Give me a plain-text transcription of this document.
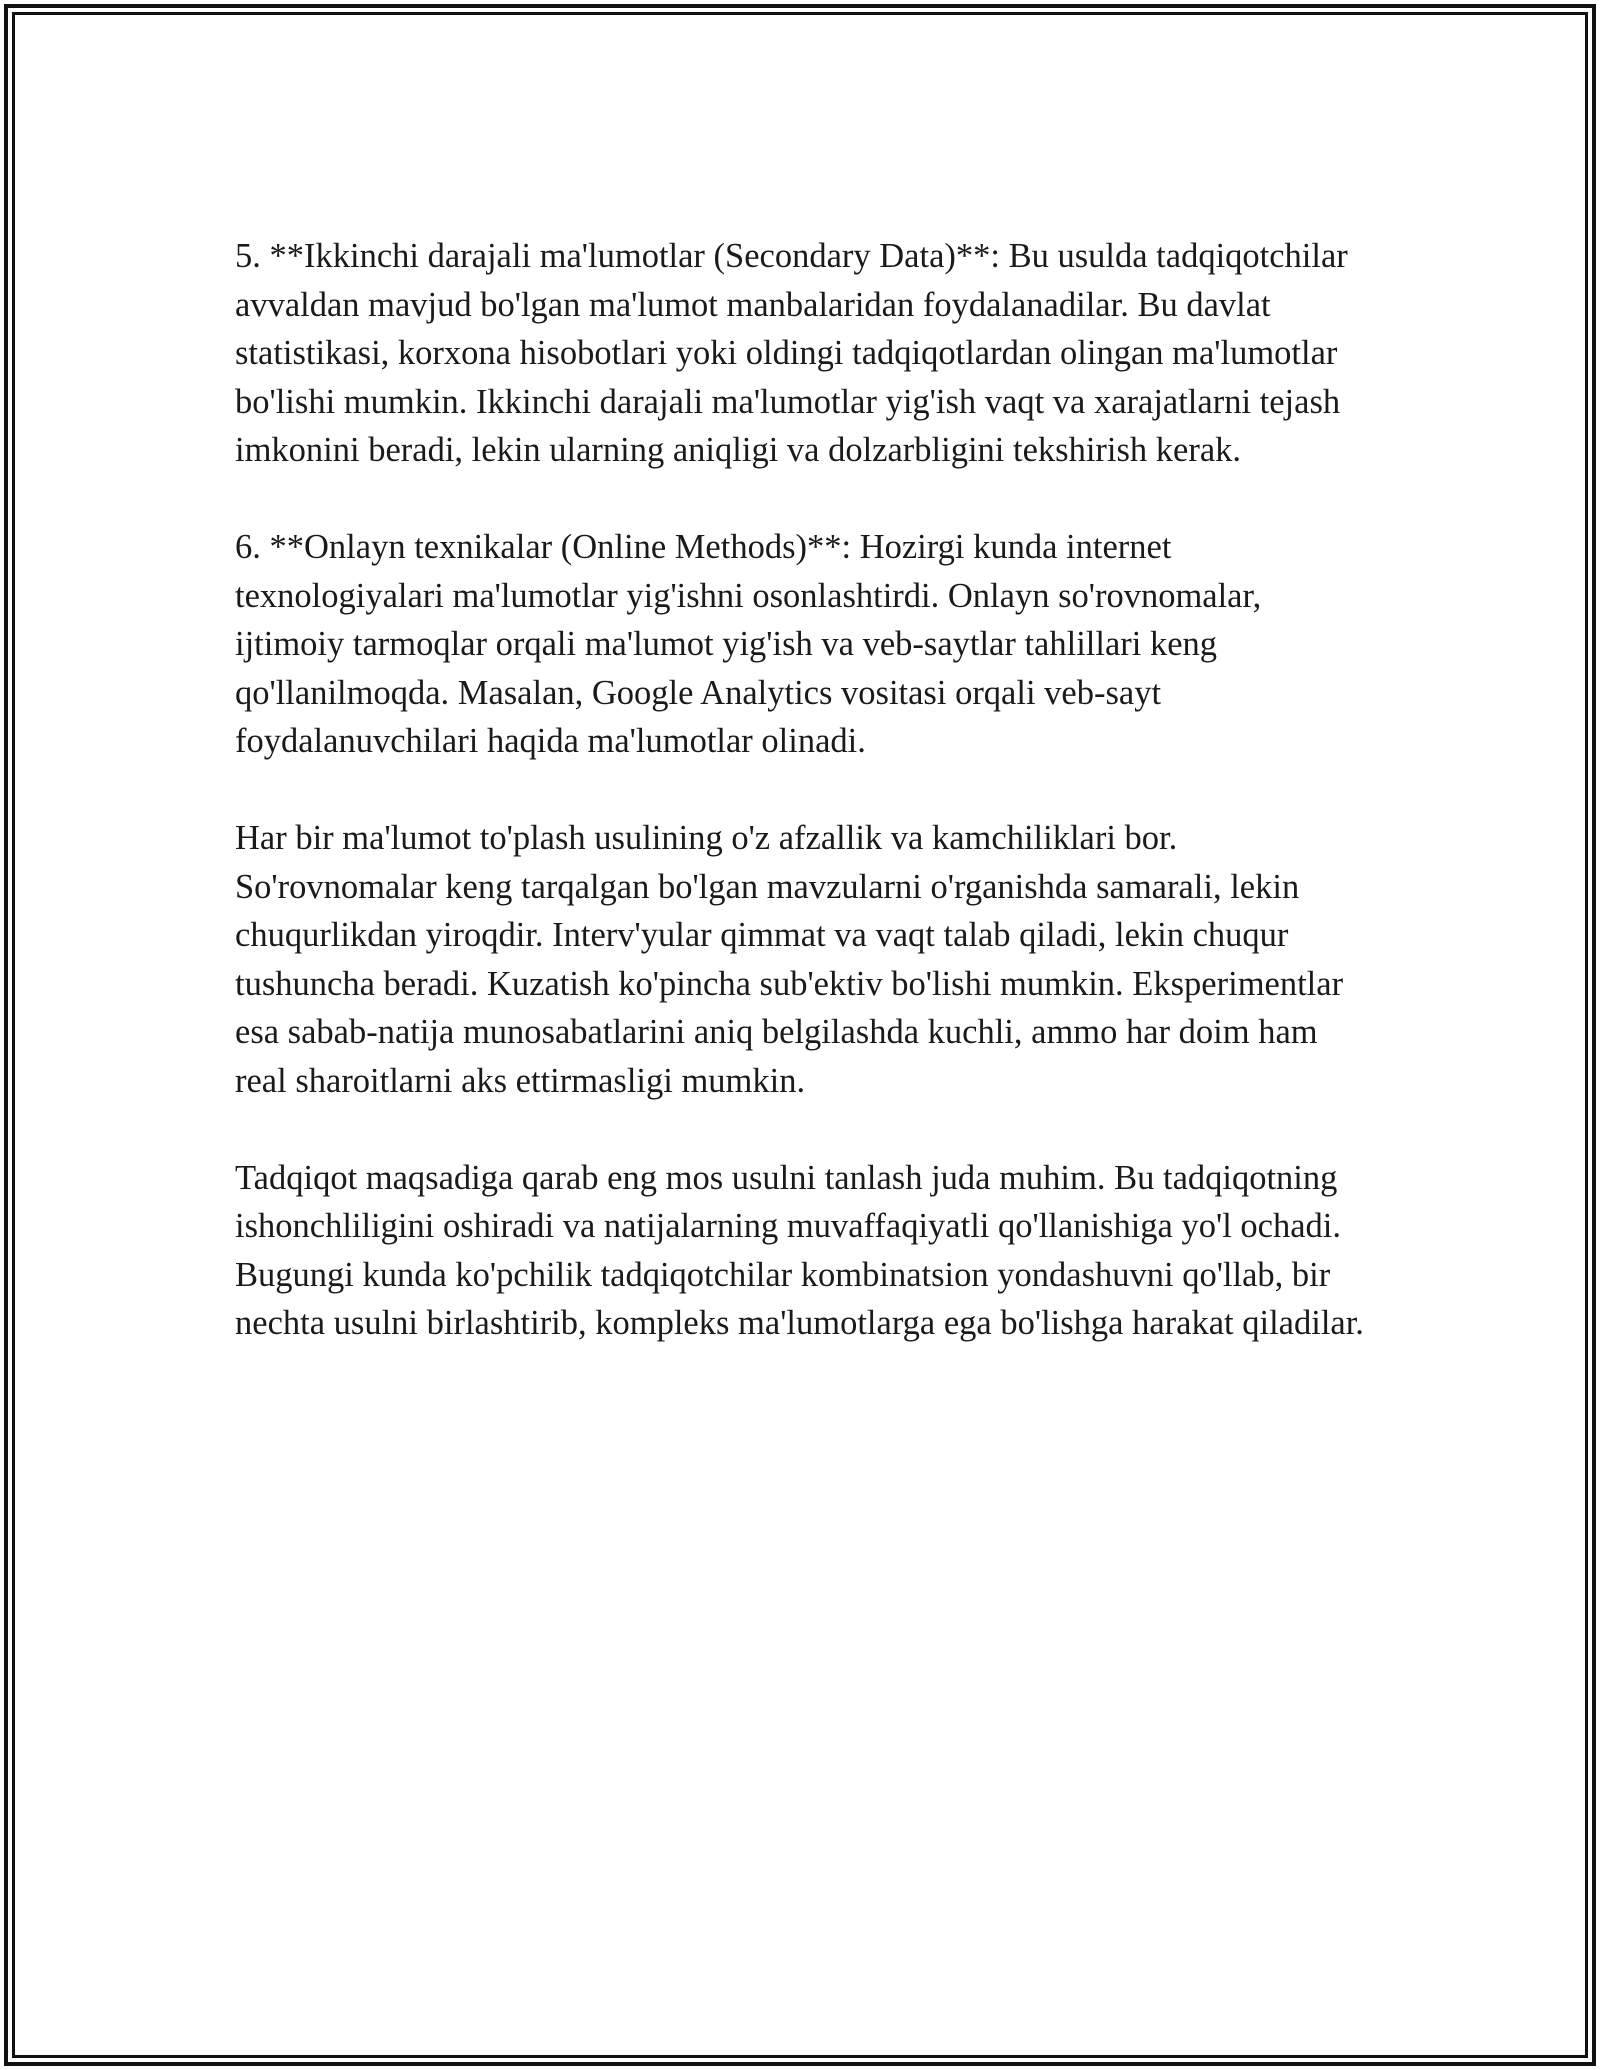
5. **Ikkinchi darajali ma'lumotlar (Secondary Data)**: Bu usulda tadqiqotchilar avvaldan mavjud bo'lgan ma'lumot manbalaridan foydalanadilar. Bu davlat statistikasi, korxona hisobotlari yoki oldingi tadqiqotlardan olingan ma'lumotlar bo'lishi mumkin. Ikkinchi darajali ma'lumotlar yig'ish vaqt va xarajatlarni tejash imkonini beradi, lekin ularning aniqligi va dolzarbligini tekshirish kerak.

6. **Onlayn texnikalar (Online Methods)**: Hozirgi kunda internet texnologiyalari ma'lumotlar yig'ishni osonlashtirdi. Onlayn so'rovnomalar, ijtimoiy tarmoqlar orqali ma'lumot yig'ish va veb-saytlar tahlillari keng qo'llanilmoqda. Masalan, Google Analytics vositasi orqali veb-sayt foydalanuvchilari haqida ma'lumotlar olinadi.

Har bir ma'lumot to'plash usulining o'z afzallik va kamchiliklari bor. So'rovnomalar keng tarqalgan bo'lgan mavzularni o'rganishda samarali, lekin chuqurlikdan yiroqdir. Interv'yular qimmat va vaqt talab qiladi, lekin chuqur tushuncha beradi. Kuzatish ko'pincha sub'ektiv bo'lishi mumkin. Eksperimentlar esa sabab-natija munosabatlarini aniq belgilashda kuchli, ammo har doim ham real sharoitlarni aks ettirmasligi mumkin.

Tadqiqot maqsadiga qarab eng mos usulni tanlash juda muhim. Bu tadqiqotning ishonchliligini oshiradi va natijalarning muvaffaqiyatli qo'llanishiga yo'l ochadi. Bugungi kunda ko'pchilik tadqiqotchilar kombinatsion yondashuvni qo'llab, bir nechta usulni birlashtirib, kompleks ma'lumotlarga ega bo'lishga harakat qiladilar.
